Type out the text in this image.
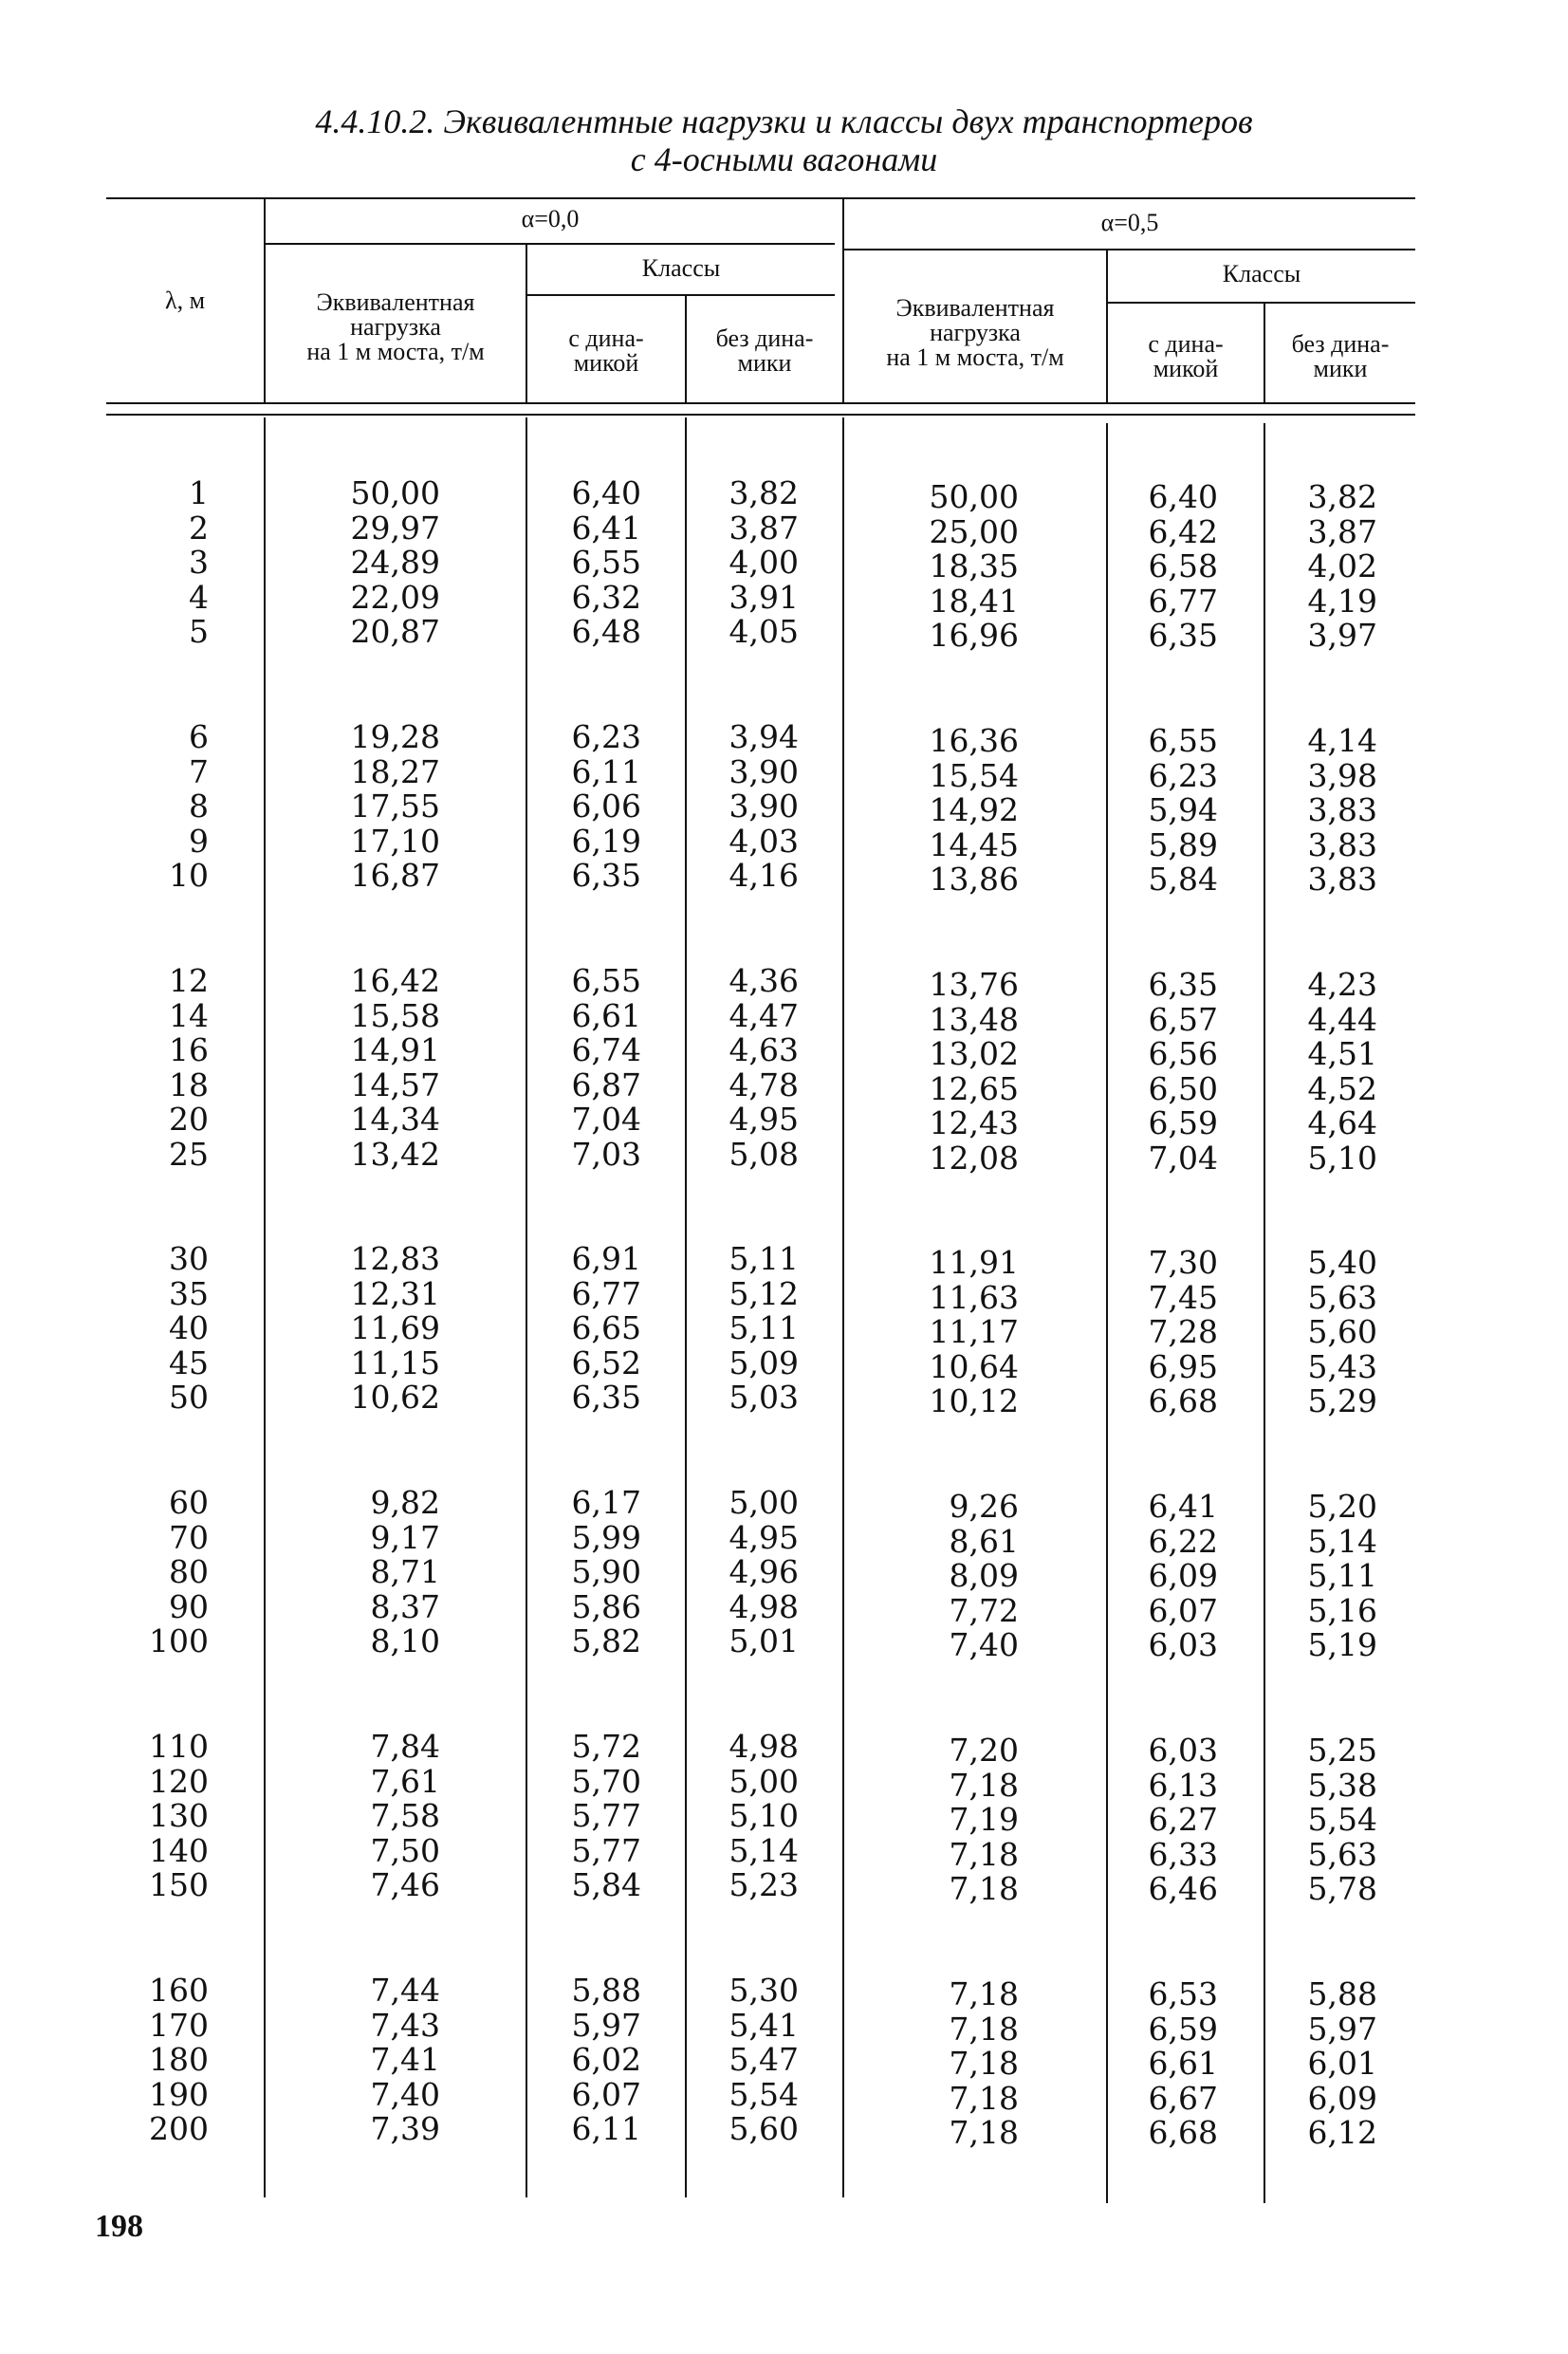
4.4.10.2. Эквивалентные нагрузки и классы двух транспортеров
с 4-осными вагонами
λ, м
α=0,0	α=0,5
Эквивалентная
нагрузка
на 1 м моста, т/м
Классы
с дина-
микой
без дина-
мики
Эквивалентная
нагрузка
на 1 м моста, т/м
Классы
с дина-
микой
без дина-
мики
1	50,00	6,40	3,82	50,00	6,40	3,82
2	29,97	6,41	3,87	25,00	6,42	3,87
3	24,89	6,55	4,00	18,35	6,58	4,02
4	22,09	6,32	3,91	18,41	6,77	4,19
5	20,87	6,48	4,05	16,96	6,35	3,97
6	19,28	6,23	3,94	16,36	6,55	4,14
7	18,27	6,11	3,90	15,54	6,23	3,98
8	17,55	6,06	3,90	14,92	5,94	3,83
9	17,10	6,19	4,03	14,45	5,89	3,83
10	16,87	6,35	4,16	13,86	5,84	3,83
12	16,42	6,55	4,36	13,76	6,35	4,23
14	15,58	6,61	4,47	13,48	6,57	4,44
16	14,91	6,74	4,63	13,02	6,56	4,51
18	14,57	6,87	4,78	12,65	6,50	4,52
20	14,34	7,04	4,95	12,43	6,59	4,64
25	13,42	7,03	5,08	12,08	7,04	5,10
30	12,83	6,91	5,11	11,91	7,30	5,40
35	12,31	6,77	5,12	11,63	7,45	5,63
40	11,69	6,65	5,11	11,17	7,28	5,60
45	11,15	6,52	5,09	10,64	6,95	5,43
50	10,62	6,35	5,03	10,12	6,68	5,29
60	9,82	6,17	5,00	9,26	6,41	5,20
70	9,17	5,99	4,95	8,61	6,22	5,14
80	8,71	5,90	4,96	8,09	6,09	5,11
90	8,37	5,86	4,98	7,72	6,07	5,16
100	8,10	5,82	5,01	7,40	6,03	5,19
110	7,84	5,72	4,98	7,20	6,03	5,25
120	7,61	5,70	5,00	7,18	6,13	5,38
130	7,58	5,77	5,10	7,19	6,27	5,54
140	7,50	5,77	5,14	7,18	6,33	5,63
150	7,46	5,84	5,23	7,18	6,46	5,78
160	7,44	5,88	5,30	7,18	6,53	5,88
170	7,43	5,97	5,41	7,18	6,59	5,97
180	7,41	6,02	5,47	7,18	6,61	6,01
190	7,40	6,07	5,54	7,18	6,67	6,09
200	7,39	6,11	5,60	7,18	6,68	6,12
198
